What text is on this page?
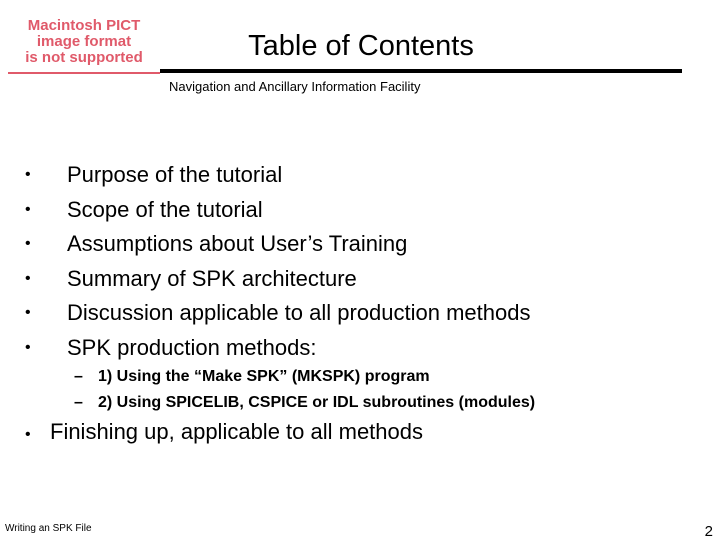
Macintosh PICT
image format
is not supported	Table of Contents
Navigation and Ancillary Information Facility
• Purpose of the tutorial
• Scope of the tutorial
• Assumptions about User’s Training
• Summary of SPK architecture
• Discussion applicable to all production methods
• SPK production methods:
– 1) Using the “Make SPK” (MKSPK) program
– 2) Using SPICELIB, CSPICE or IDL subroutines (modules)
• Finishing up, applicable to all methods
Writing an SPK File	2
